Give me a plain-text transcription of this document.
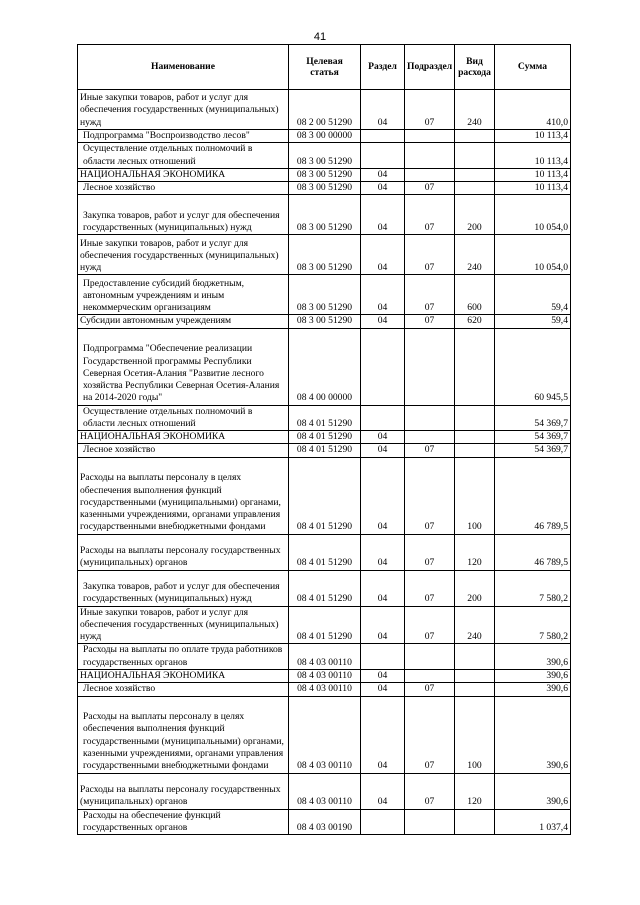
41
Наименование	Целевая статья	Раздел	Подраздел	Вид расхода	Сумма
Иные закупки товаров, работ и услуг для обеспечения государственных (муниципальных) нужд	08 2 00 51290	04	07	240	410,0
Подпрограмма "Воспроизводство лесов"	08 3 00 00000				10 113,4
Осуществление отдельных полномочий в области лесных отношений	08 3 00 51290				10 113,4
НАЦИОНАЛЬНАЯ ЭКОНОМИКА	08 3 00 51290	04			10 113,4
Лесное хозяйство	08 3 00 51290	04	07		10 113,4
Закупка товаров, работ и услуг для обеспечения государственных (муниципальных) нужд	08 3 00 51290	04	07	200	10 054,0
Иные закупки товаров, работ и услуг для обеспечения государственных (муниципальных) нужд	08 3 00 51290	04	07	240	10 054,0
Предоставление субсидий бюджетным, автономным учреждениям и иным некоммерческим организациям	08 3 00 51290	04	07	600	59,4
Субсидии автономным учреждениям	08 3 00 51290	04	07	620	59,4
Подпрограмма "Обеспечение реализации Государственной программы Республики Северная Осетия-Алания "Развитие лесного хозяйства Республики Северная Осетия-Алания на 2014-2020 годы"	08 4 00 00000				60 945,5
Осуществление отдельных полномочий в области лесных отношений	08 4 01 51290				54 369,7
НАЦИОНАЛЬНАЯ ЭКОНОМИКА	08 4 01 51290	04			54 369,7
Лесное хозяйство	08 4 01 51290	04	07		54 369,7
Расходы на выплаты персоналу в целях обеспечения выполнения функций государственными (муниципальными) органами, казенными учреждениями, органами управления государственными внебюджетными фондами	08 4 01 51290	04	07	100	46 789,5
Расходы на выплаты персоналу государственных (муниципальных) органов	08 4 01 51290	04	07	120	46 789,5
Закупка товаров, работ и услуг для обеспечения государственных (муниципальных) нужд	08 4 01 51290	04	07	200	7 580,2
Иные закупки товаров, работ и услуг для обеспечения государственных (муниципальных) нужд	08 4 01 51290	04	07	240	7 580,2
Расходы на выплаты по оплате труда работников государственных органов	08 4 03 00110				390,6
НАЦИОНАЛЬНАЯ ЭКОНОМИКА	08 4 03 00110	04			390,6
Лесное хозяйство	08 4 03 00110	04	07		390,6
Расходы на выплаты персоналу в целях обеспечения выполнения функций государственными (муниципальными) органами, казенными учреждениями, органами управления государственными внебюджетными фондами	08 4 03 00110	04	07	100	390,6
Расходы на выплаты персоналу государственных (муниципальных) органов	08 4 03 00110	04	07	120	390,6
Расходы на обеспечение функций государственных органов	08 4 03 00190				1 037,4
